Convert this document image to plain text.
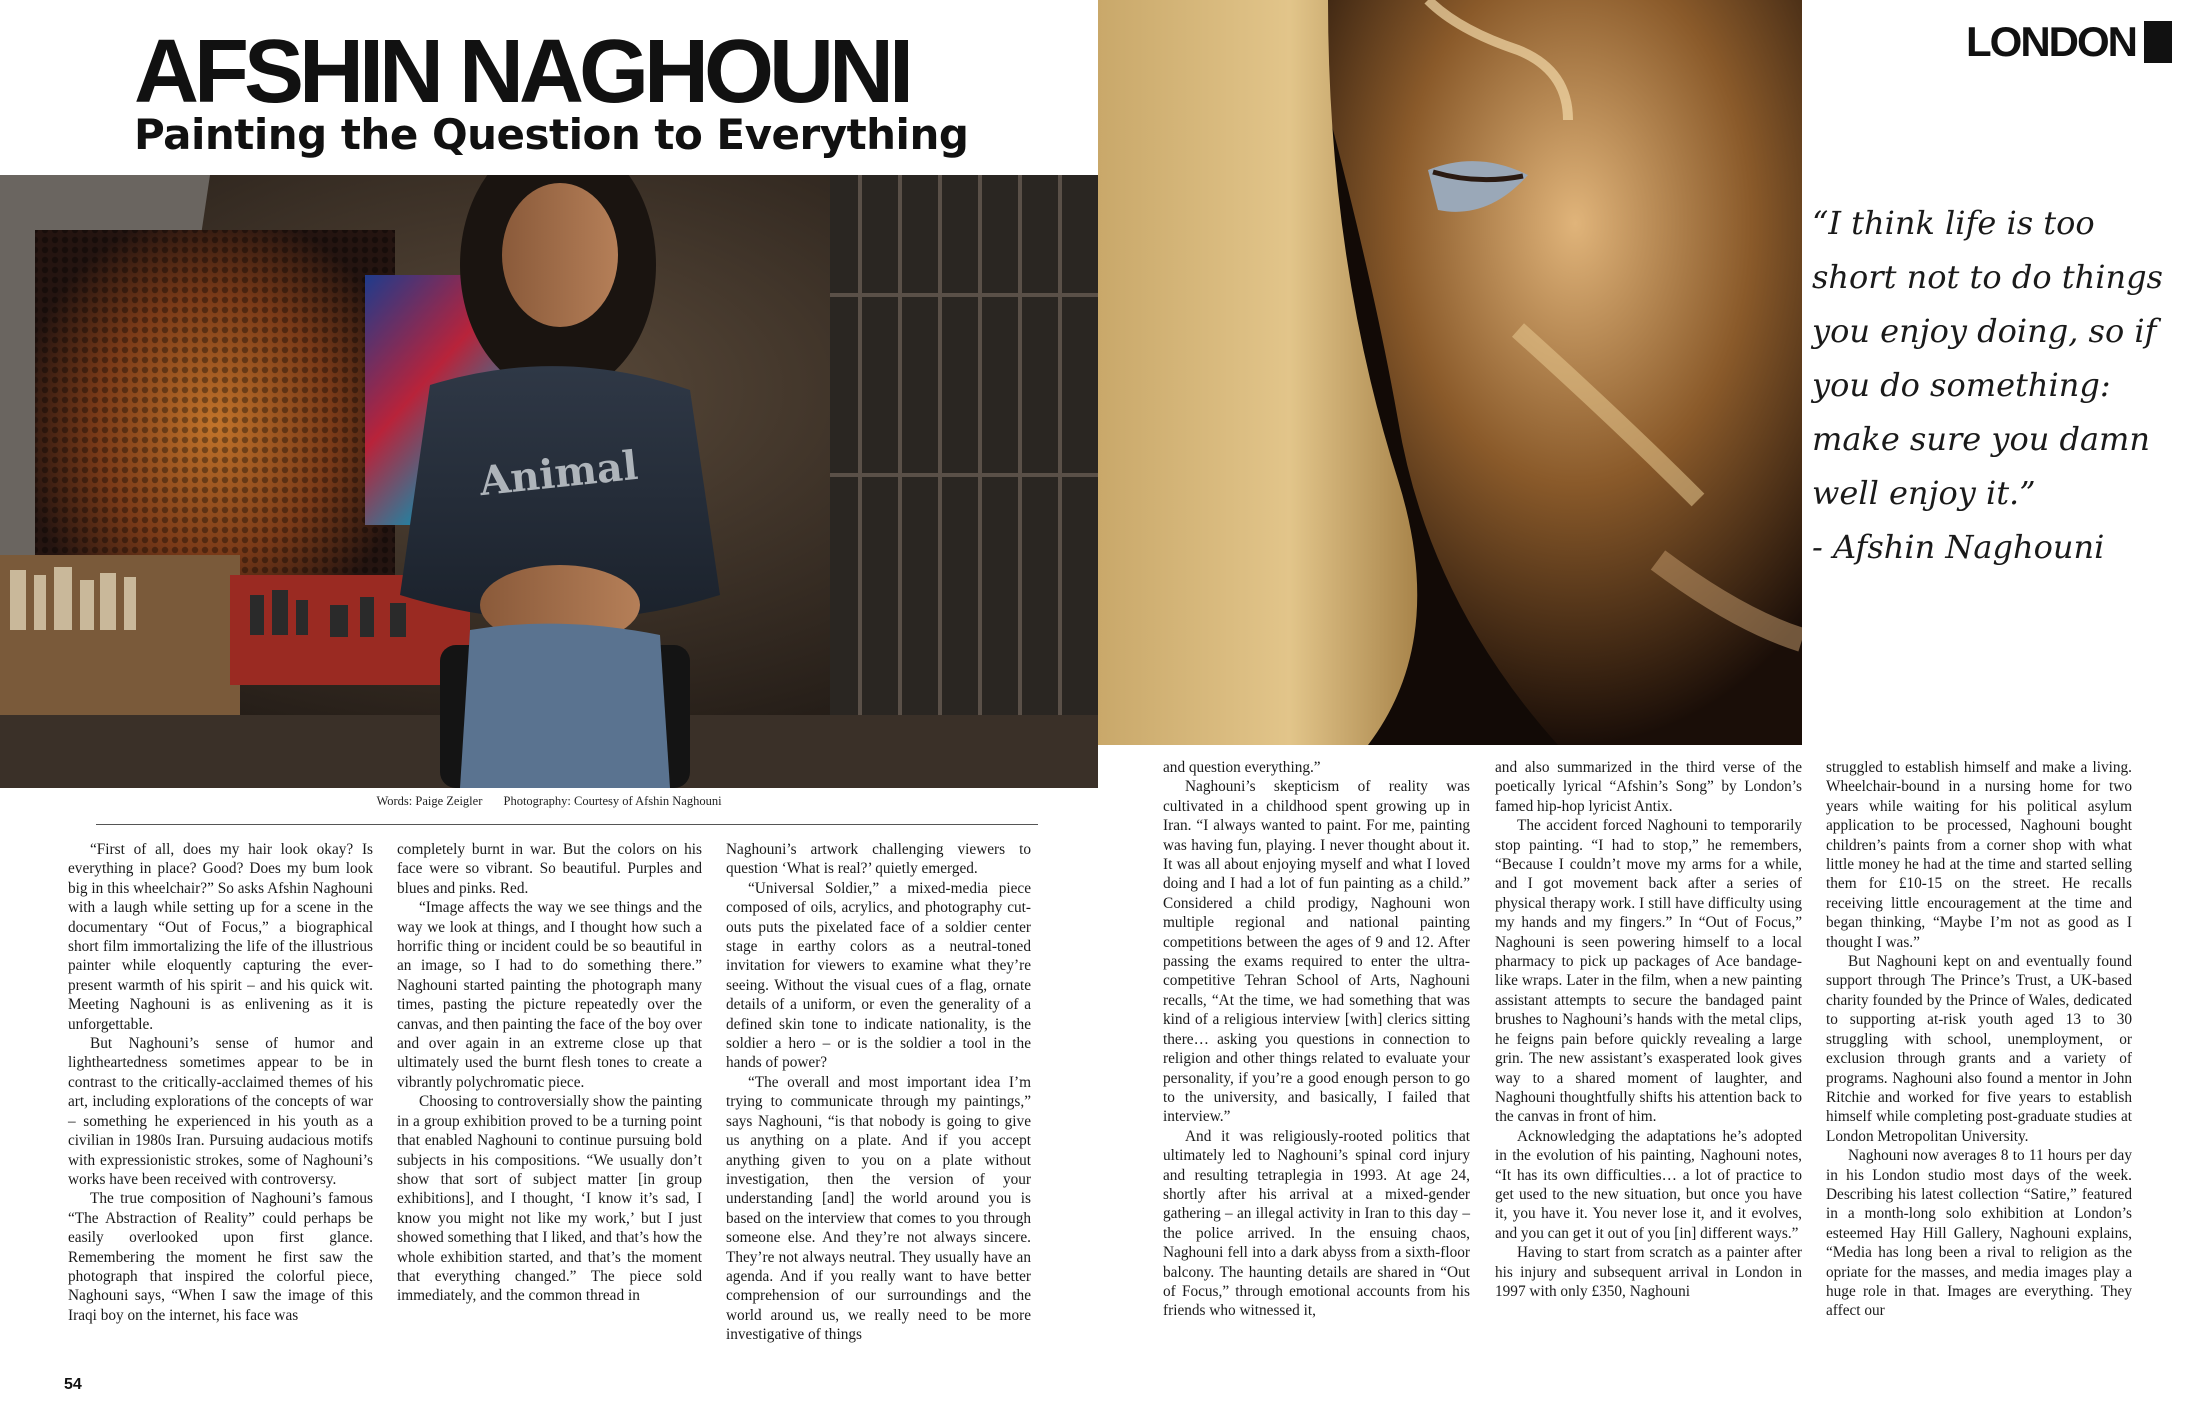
AFSHIN NAGHOUNI
Painting the Question to Everything
Animal
LONDON

“I think life is too short not to do things you enjoy doing, so if you do something: make sure you damn well enjoy it.”

- Afshin Naghouni

Words: Paige Zeigler Photography: Courtesy of Afshin Naghouni

“First of all, does my hair look okay? Is everything in place? Good? Does my bum look big in this wheelchair?” So asks Afshin Naghouni with a laugh while setting up for a scene in the documentary “Out of Focus,” a biographical short film immortalizing the life of the illustrious painter while eloquently capturing the ever-present warmth of his spirit – and his quick wit. Meeting Naghouni is as enlivening as it is unforgettable.

But Naghouni’s sense of humor and lightheartedness sometimes appear to be in contrast to the critically-acclaimed themes of his art, including explorations of the concepts of war – something he experienced in his youth as a civilian in 1980s Iran. Pursuing audacious motifs with expressionistic strokes, some of Naghouni’s works have been received with controversy.

The true composition of Naghouni’s famous “The Abstraction of Reality” could perhaps be easily overlooked upon first glance. Remembering the moment he first saw the photograph that inspired the colorful piece, Naghouni says, “When I saw the image of this Iraqi boy on the internet, his face was

completely burnt in war. But the colors on his face were so vibrant. So beautiful. Purples and blues and pinks. Red.

“Image affects the way we see things and the way we look at things, and I thought how such a horrific thing or incident could be so beautiful in an image, so I had to do something there.” Naghouni started painting the photograph many times, pasting the picture repeatedly over the canvas, and then painting the face of the boy over and over again in an extreme close up that ultimately used the burnt flesh tones to create a vibrantly polychromatic piece.

Choosing to controversially show the painting in a group exhibition proved to be a turning point that enabled Naghouni to continue pursuing bold subjects in his compositions. “We usually don’t show that sort of subject matter [in group exhibitions], and I thought, ‘I know it’s sad, I know you might not like my work,’ but I just showed something that I liked, and that’s how the whole exhibition started, and that’s the moment that everything changed.” The piece sold immediately, and the common thread in

Naghouni’s artwork challenging viewers to question ‘What is real?’ quietly emerged.

“Universal Soldier,” a mixed-media piece composed of oils, acrylics, and photography cut-outs puts the pixelated face of a soldier center stage in earthy colors as a neutral-toned invitation for viewers to examine what they’re seeing. Without the visual cues of a flag, ornate details of a uniform, or even the generality of a defined skin tone to indicate nationality, is the soldier a hero – or is the soldier a tool in the hands of power?

“The overall and most important idea I’m trying to communicate through my paintings,” says Naghouni, “is that nobody is going to give us anything on a plate. And if you accept anything given to you on a plate without investigation, then the version of your understanding [and] the world around you is based on the interview that comes to you through someone else. And they’re not always sincere. They’re not always neutral. They usually have an agenda. And if you really want to have better comprehension of our surroundings and the world around us, we really need to be more investigative of things

and question everything.”

Naghouni’s skepticism of reality was cultivated in a childhood spent growing up in Iran. “I always wanted to paint. For me, painting was having fun, playing. I never thought about it. It was all about enjoying myself and what I loved doing and I had a lot of fun painting as a child.” Considered a child prodigy, Naghouni won multiple regional and national painting competitions between the ages of 9 and 12. After passing the exams required to enter the ultra-competitive Tehran School of Arts, Naghouni recalls, “At the time, we had something that was kind of a religious interview [with] clerics sitting there… asking you questions in connection to religion and other things related to evaluate your personality, if you’re a good enough person to go to the university, and basically, I failed that interview.”

And it was religiously-rooted politics that ultimately led to Naghouni’s spinal cord injury and resulting tetraplegia in 1993. At age 24, shortly after his arrival at a mixed-gender gathering – an illegal activity in Iran to this day – the police arrived. In the ensuing chaos, Naghouni fell into a dark abyss from a sixth-floor balcony. The haunting details are shared in “Out of Focus,” through emotional accounts from his friends who witnessed it,

and also summarized in the third verse of the poetically lyrical “Afshin’s Song” by London’s famed hip-hop lyricist Antix.

The accident forced Naghouni to temporarily stop painting. “I had to stop,” he remembers, “Because I couldn’t move my arms for a while, and I got movement back after a series of physical therapy work. I still have difficulty using my hands and my fingers.” In “Out of Focus,” Naghouni is seen powering himself to a local pharmacy to pick up packages of Ace bandage-like wraps. Later in the film, when a new painting assistant attempts to secure the bandaged paint brushes to Naghouni’s hands with the metal clips, he feigns pain before quickly revealing a large grin. The new assistant’s exasperated look gives way to a shared moment of laughter, and Naghouni thoughtfully shifts his attention back to the canvas in front of him.

Acknowledging the adaptations he’s adopted in the evolution of his painting, Naghouni notes, “It has its own difficulties… a lot of practice to get used to the new situation, but once you have it, you have it. You never lose it, and it evolves, and you can get it out of you [in] different ways.”

Having to start from scratch as a painter after his injury and subsequent arrival in London in 1997 with only £350, Naghouni

struggled to establish himself and make a living. Wheelchair-bound in a nursing home for two years while waiting for his political asylum application to be processed, Naghouni bought children’s paints from a corner shop with what little money he had at the time and started selling them for £10-15 on the street. He recalls receiving little encouragement at the time and began thinking, “Maybe I’m not as good as I thought I was.”

But Naghouni kept on and eventually found support through The Prince’s Trust, a UK-based charity founded by the Prince of Wales, dedicated to supporting at-risk youth aged 13 to 30 struggling with school, unemployment, or exclusion through grants and a variety of programs. Naghouni also found a mentor in John Ritchie and worked for five years to establish himself while completing post-graduate studies at London Metropolitan University.

Naghouni now averages 8 to 11 hours per day in his London studio most days of the week. Describing his latest collection “Satire,” featured in a month-long solo exhibition at London’s esteemed Hay Hill Gallery, Naghouni explains, “Media has long been a rival to religion as the opriate for the masses, and media images play a huge role in that. Images are everything. They affect our

54
